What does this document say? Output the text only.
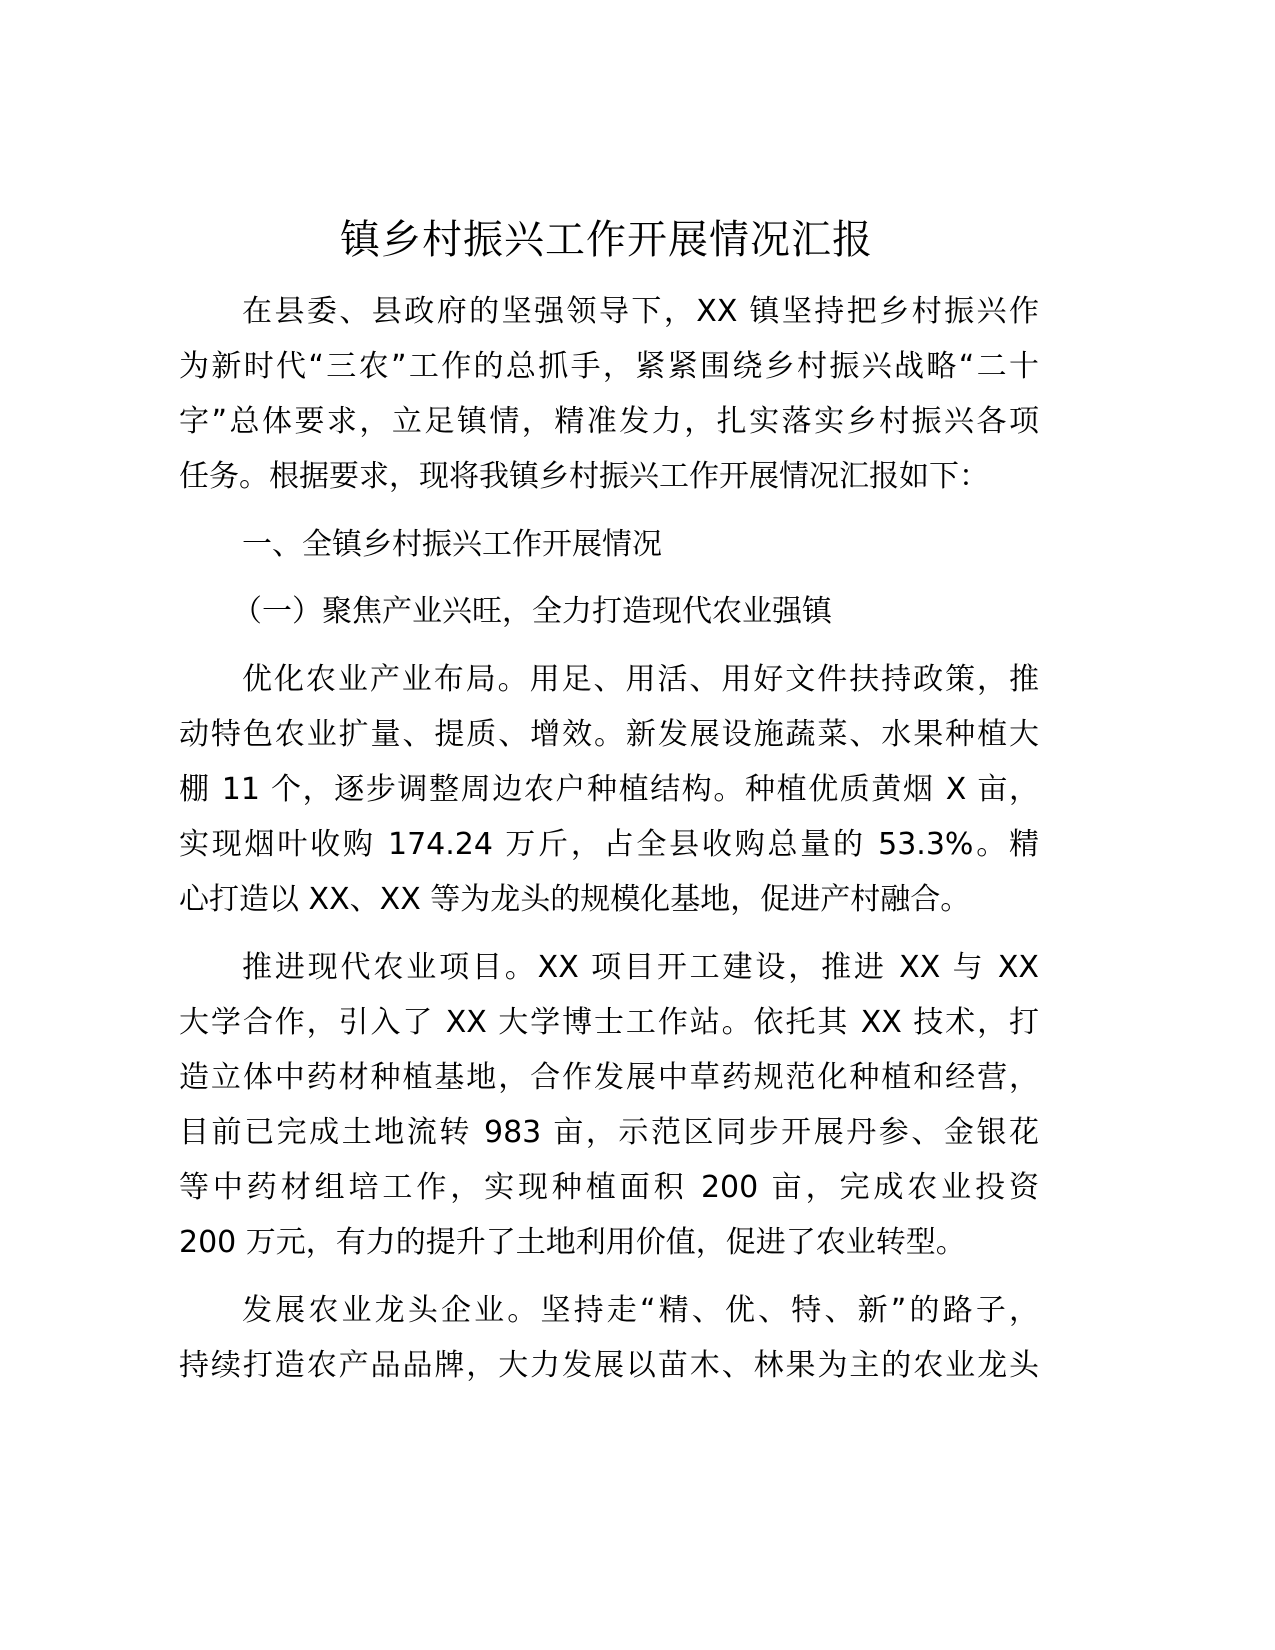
镇乡村振兴工作开展情况汇报
在县委、县政府的坚强领导下，XX 镇坚持把乡村振兴作
为新时代“三农”工作的总抓手，紧紧围绕乡村振兴战略“二十
字”总体要求，立足镇情，精准发力，扎实落实乡村振兴各项
任务。根据要求，现将我镇乡村振兴工作开展情况汇报如下：
一、全镇乡村振兴工作开展情况
（一）聚焦产业兴旺，全力打造现代农业强镇
优化农业产业布局。用足、用活、用好文件扶持政策，推
动特色农业扩量、提质、增效。新发展设施蔬菜、水果种植大
棚 11 个，逐步调整周边农户种植结构。种植优质黄烟 X 亩，
实现烟叶收购 174.24 万斤，占全县收购总量的 53.3%。精
心打造以 XX、XX 等为龙头的规模化基地，促进产村融合。
推进现代农业项目。XX 项目开工建设，推进 XX 与 XX
大学合作，引入了 XX 大学博士工作站。依托其 XX 技术，打
造立体中药材种植基地，合作发展中草药规范化种植和经营，
目前已完成土地流转 983 亩，示范区同步开展丹参、金银花
等中药材组培工作，实现种植面积 200 亩，完成农业投资
200 万元，有力的提升了土地利用价值，促进了农业转型。
发展农业龙头企业。坚持走“精、优、特、新”的路子，
持续打造农产品品牌，大力发展以苗木、林果为主的农业龙头
